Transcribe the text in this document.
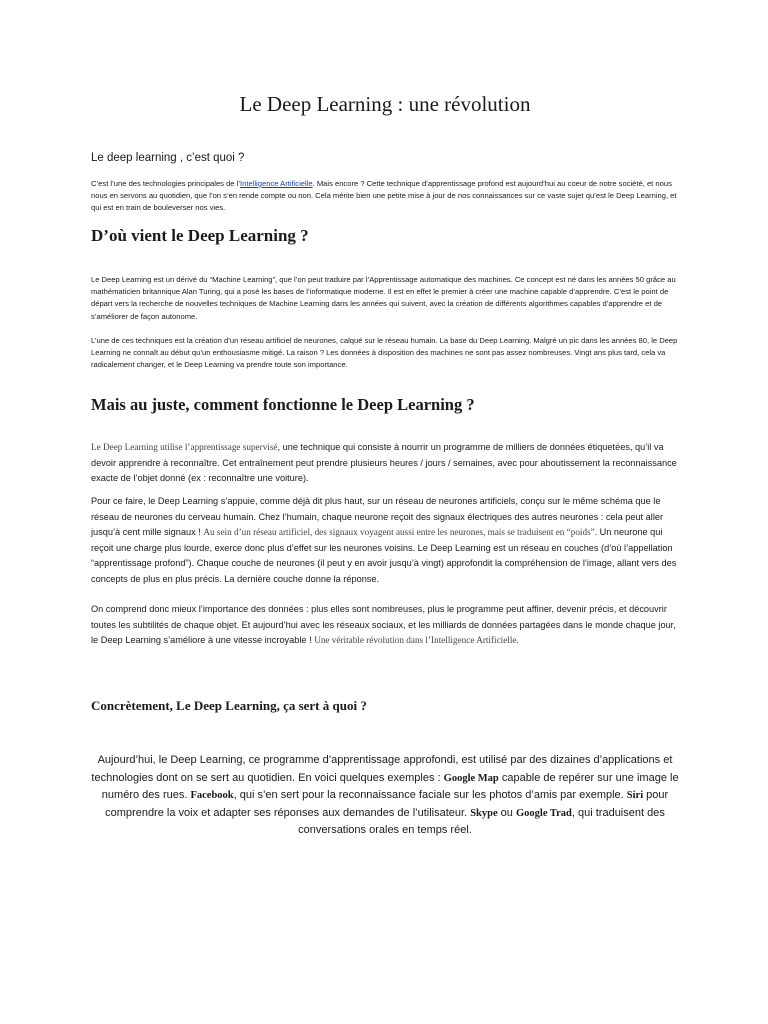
Le Deep Learning : une révolution
Le deep learning , c’est quoi ?

C’est l’une des technologies principales de l’Intelligence Artificielle. Mais encore ? Cette technique d’apprentissage profond est aujourd’hui au coeur de notre société, et nous nous en servons au quotidien, que l’on s’en rende compte ou non. Cela mérite bien une petite mise à jour de nos connaissances sur ce vaste sujet qu’est le Deep Learning, et qui est en train de bouleverser nos vies.

D’où vient le Deep Learning ?

Le Deep Learning est un dérivé du “Machine Learning”, que l’on peut traduire par l’Apprentissage automatique des machines. Ce concept est né dans les années 50 grâce au mathématicien britannique Alan Turing, qui a posé les bases de l’informatique moderne. Il est en effet le premier à créer une machine capable d’apprendre. C’est le point de départ vers la recherche de nouvelles techniques de Machine Learning dans les années qui suivent, avec la création de différents algorithmes capables d’apprendre et de s’améliorer de façon autonome.

L’une de ces techniques est la création d’un réseau artificiel de neurones, calqué sur le réseau humain. La base du Deep Learning. Malgré un pic dans les années 80, le Deep Learning ne connaît au début qu’un enthousiasme mitigé. La raison ? Les données à disposition des machines ne sont pas assez nombreuses. Vingt ans plus tard, cela va radicalement changer, et le Deep Learning va prendre toute son importance.

Mais au juste, comment fonctionne le Deep Learning ?

Le Deep Learning utilise l’apprentissage supervisé, une technique qui consiste à nourrir un programme de milliers de données étiquetées, qu’il va devoir apprendre à reconnaître. Cet entraînement peut prendre plusieurs heures / jours / semaines, avec pour aboutissement la reconnaissance exacte de l’objet donné (ex : reconnaître une voiture).

Pour ce faire, le Deep Learning s’appuie, comme déjà dit plus haut, sur un réseau de neurones artificiels, conçu sur le même schéma que le réseau de neurones du cerveau humain. Chez l’humain, chaque neurone reçoit des signaux électriques des autres neurones : cela peut aller jusqu’à cent mille signaux ! Au sein d’un réseau artificiel, des signaux voyagent aussi entre les neurones, mais se traduisent en “poids”. Un neurone qui reçoit une charge plus lourde, exerce donc plus d’effet sur les neurones voisins. Le Deep Learning est un réseau en couches (d’où l’appellation “apprentissage profond”). Chaque couche de neurones (il peut y en avoir jusqu’à vingt) approfondit la compréhension de l’image, allant vers des concepts de plus en plus précis. La dernière couche donne la réponse.

On comprend donc mieux l’importance des données : plus elles sont nombreuses, plus le programme peut affiner, devenir précis, et découvrir toutes les subtilités de chaque objet. Et aujourd’hui avec les réseaux sociaux, et les milliards de données partagées dans le monde chaque jour, le Deep Learning s’améliore à une vitesse incroyable ! Une véritable révolution dans l’Intelligence Artificielle.

Concrètement, Le Deep Learning, ça sert à quoi ?

Aujourd’hui, le Deep Learning, ce programme d’apprentissage approfondi, est utilisé par des dizaines d’applications et technologies dont on se sert au quotidien. En voici quelques exemples : Google Map capable de repérer sur une image le numéro des rues. Facebook, qui s’en sert pour la reconnaissance faciale sur les photos d’amis par exemple. Siri pour comprendre la voix et adapter ses réponses aux demandes de l’utilisateur. Skype ou Google Trad, qui traduisent des conversations orales en temps réel.
